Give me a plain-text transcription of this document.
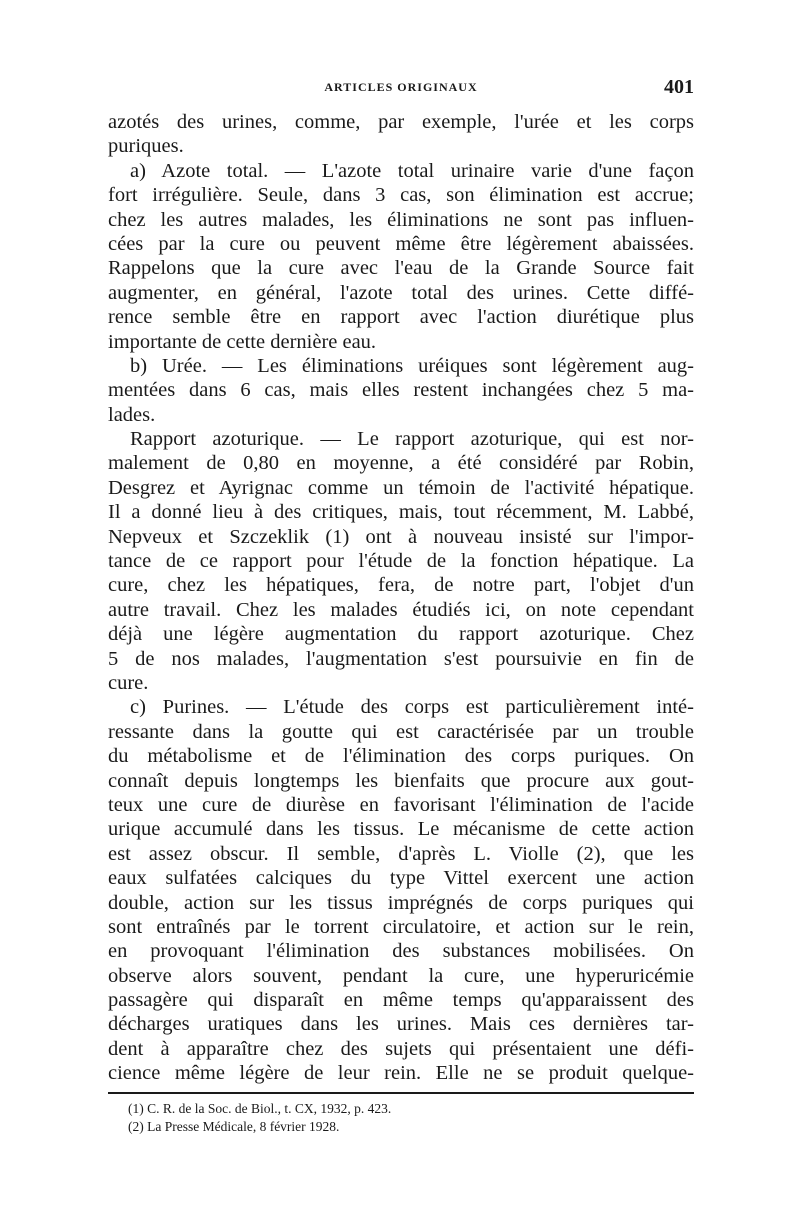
ARTICLES ORIGINAUX	401
azotés des urines, comme, par exemple, l'urée et les corps
puriques.
a) Azote total. — L'azote total urinaire varie d'une façon
fort irrégulière. Seule, dans 3 cas, son élimination est accrue;
chez les autres malades, les éliminations ne sont pas influen-
cées par la cure ou peuvent même être légèrement abaissées.
Rappelons que la cure avec l'eau de la Grande Source fait
augmenter, en général, l'azote total des urines. Cette diffé-
rence semble être en rapport avec l'action diurétique plus
importante de cette dernière eau.
b) Urée. — Les éliminations uréiques sont légèrement aug-
mentées dans 6 cas, mais elles restent inchangées chez 5 ma-
lades.
Rapport azoturique. — Le rapport azoturique, qui est nor-
malement de 0,80 en moyenne, a été considéré par Robin,
Desgrez et Ayrignac comme un témoin de l'activité hépatique.
Il a donné lieu à des critiques, mais, tout récemment, M. Labbé,
Nepveux et Szczeklik (1) ont à nouveau insisté sur l'impor-
tance de ce rapport pour l'étude de la fonction hépatique. La
cure, chez les hépatiques, fera, de notre part, l'objet d'un
autre travail. Chez les malades étudiés ici, on note cependant
déjà une légère augmentation du rapport azoturique. Chez
5 de nos malades, l'augmentation s'est poursuivie en fin de
cure.
c) Purines. — L'étude des corps est particulièrement inté-
ressante dans la goutte qui est caractérisée par un trouble
du métabolisme et de l'élimination des corps puriques. On
connaît depuis longtemps les bienfaits que procure aux gout-
teux une cure de diurèse en favorisant l'élimination de l'acide
urique accumulé dans les tissus. Le mécanisme de cette action
est assez obscur. Il semble, d'après L. Violle (2), que les
eaux sulfatées calciques du type Vittel exercent une action
double, action sur les tissus imprégnés de corps puriques qui
sont entraînés par le torrent circulatoire, et action sur le rein,
en provoquant l'élimination des substances mobilisées. On
observe alors souvent, pendant la cure, une hyperuricémie
passagère qui disparaît en même temps qu'apparaissent des
décharges uratiques dans les urines. Mais ces dernières tar-
dent à apparaître chez des sujets qui présentaient une défi-
cience même légère de leur rein. Elle ne se produit quelque-
(1) C. R. de la Soc. de Biol., t. CX, 1932, p. 423.
(2) La Presse Médicale, 8 février 1928.
